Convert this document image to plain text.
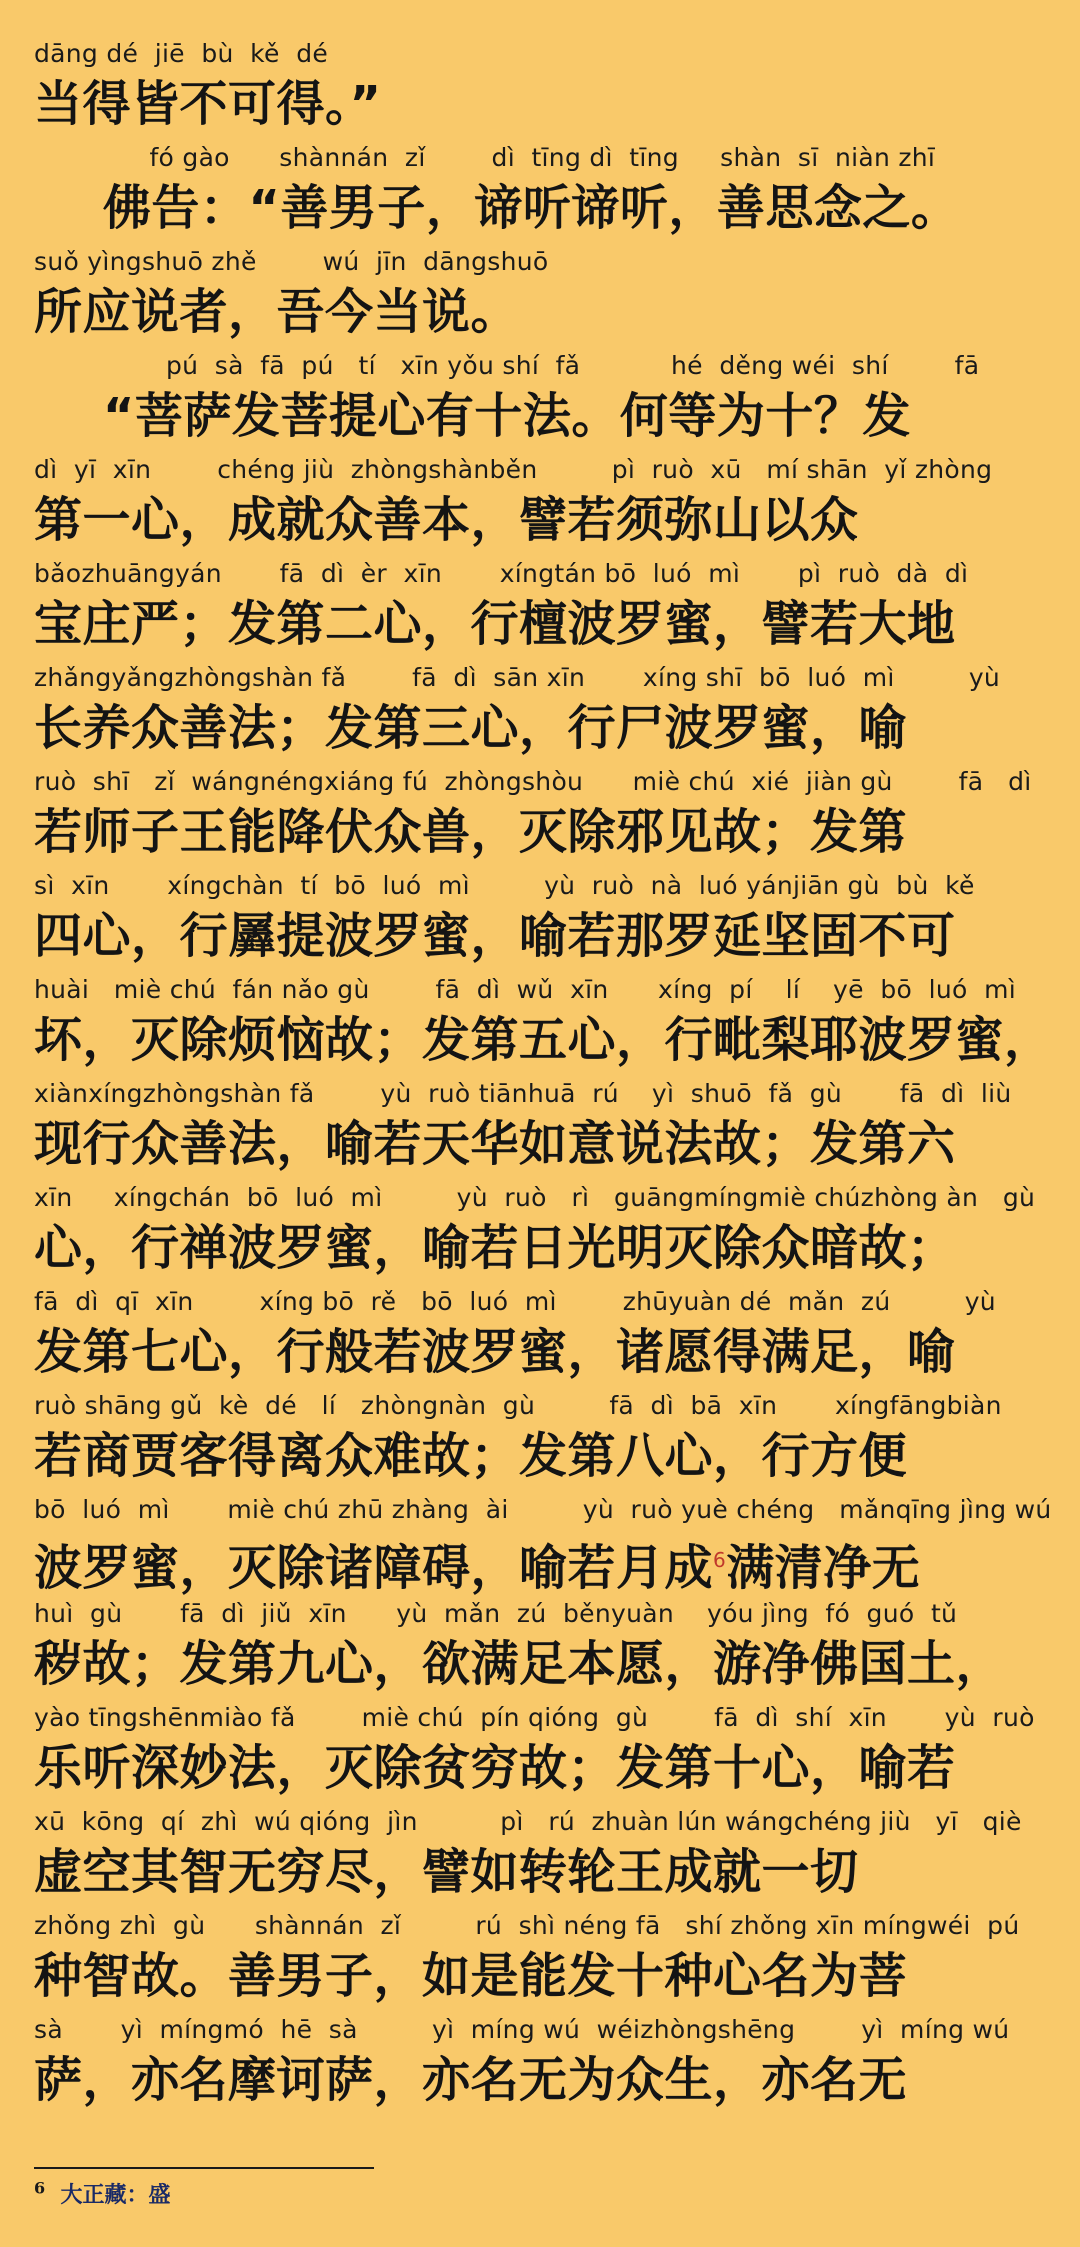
dāng dé  jiē  bù  kě  dé
当得皆不可得。”
fó gào      shànnán  zǐ        dì  tīng dì  tīng     shàn  sī  niàn zhī
佛告：“善男子，谛听谛听，善思念之。
suǒ yìngshuō zhě        wú  jīn  dāngshuō
所应说者，吾今当说。
pú  sà  fā  pú   tí   xīn yǒu shí  fǎ           hé  děng wéi  shí        fā
“菩萨发菩提心有十法。何等为十？发
dì  yī  xīn        chéng jiù  zhòngshànběn         pì  ruò  xū   mí shān  yǐ zhòng
第一心，成就众善本，譬若须弥山以众
bǎozhuāngyán       fā  dì  èr  xīn       xíngtán bō  luó  mì       pì  ruò  dà  dì
宝庄严；发第二心，行檀波罗蜜，譬若大地
zhǎngyǎngzhòngshàn fǎ        fā  dì  sān xīn       xíng shī  bō  luó  mì         yù
长养众善法；发第三心，行尸波罗蜜，喻
ruò  shī   zǐ  wángnéngxiáng fú  zhòngshòu      miè chú  xié  jiàn gù        fā   dì
若师子王能降伏众兽，灭除邪见故；发第
sì  xīn       xíngchàn  tí  bō  luó  mì         yù  ruò  nà  luó yánjiān gù  bù  kě
四心，行羼提波罗蜜，喻若那罗延坚固不可
huài   miè chú  fán nǎo gù        fā  dì  wǔ  xīn      xíng  pí    lí    yē  bō  luó  mì
坏，灭除烦恼故；发第五心，行毗梨耶波罗蜜，
xiànxíngzhòngshàn fǎ        yù  ruò tiānhuā  rú    yì  shuō  fǎ  gù       fā  dì  liù
现行众善法，喻若天华如意说法故；发第六
xīn     xíngchán  bō  luó  mì         yù  ruò   rì   guāngmíngmiè chúzhòng àn   gù
心，行禅波罗蜜，喻若日光明灭除众暗故；
fā  dì  qī  xīn        xíng bō  rě   bō  luó  mì        zhūyuàn dé  mǎn  zú         yù
发第七心，行般若波罗蜜，诸愿得满足，喻
ruò shāng gǔ  kè  dé   lí   zhòngnàn  gù         fā  dì  bā  xīn       xíngfāngbiàn
若商贾客得离众难故；发第八心，行方便
bō  luó  mì       miè chú zhū zhàng  ài         yù  ruò yuè chéng   mǎnqīng jìng wú
波罗蜜，灭除诸障碍，喻若月成$^6$满清净无
huì  gù       fā  dì  jiǔ  xīn      yù  mǎn  zú  běnyuàn    yóu jìng  fó  guó  tǔ
秽故；发第九心，欲满足本愿，游净佛国土，
yào tīngshēnmiào fǎ        miè chú  pín qióng  gù        fā  dì  shí  xīn       yù  ruò
乐听深妙法，灭除贫穷故；发第十心，喻若
xū  kōng  qí  zhì  wú qióng  jìn          pì   rú  zhuàn lún wángchéng jiù   yī   qiè
虚空其智无穷尽，譬如转轮王成就一切
zhǒng zhì  gù      shànnán  zǐ         rú  shì néng fā   shí zhǒng xīn míngwéi  pú
种智故。善男子，如是能发十种心名为菩
sà       yì  míngmó  hē  sà         yì  míng wú  wéizhòngshēng        yì  míng wú
萨，亦名摩诃萨，亦名无为众生，亦名无
$^6$ 大正藏：盛
